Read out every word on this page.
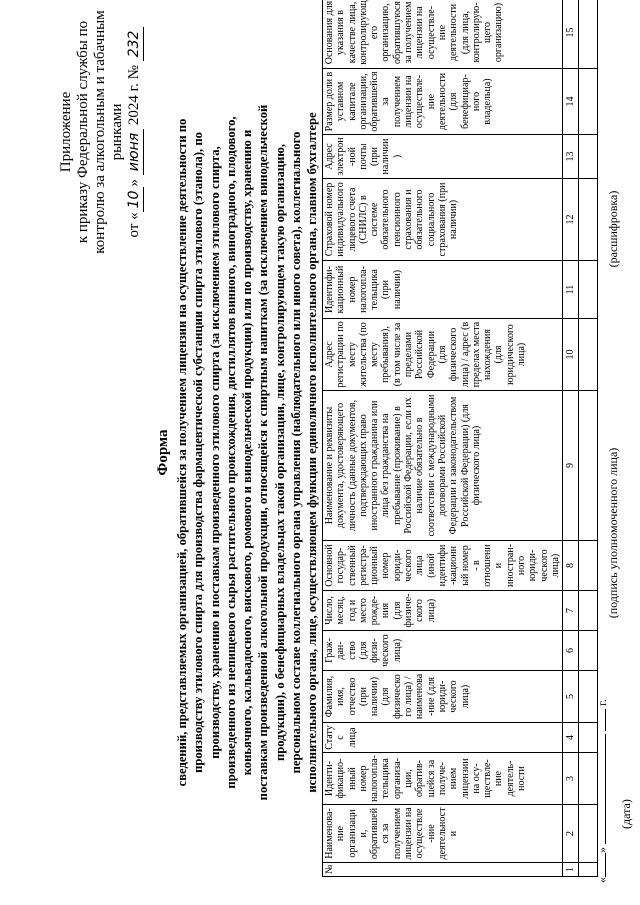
Приложение к приказу Федеральной службы по контролю за алкогольным и табачным рынками
от «10» июня 2024 г. № 232
Форма сведений, представляемых организацией, обратившейся за получением лицензии на осуществление деятельности по производству этилового спирта для производства фармацевтической субстанции спирта этилового (этанола), по производству, хранению и поставкам произведенного этилового спирта (за исключением этилового спирта, произведенного из непищевого сырья растительного происхождения, дистиллятов винного, виноградного, плодового, коньячного, кальвадосного, вискового, ромового и винодельческой продукции) или по производству, хранению и поставкам произведенной алкогольной продукции, относящейся к спиртным напиткам (за исключением винодельческой продукции), о бенефициарных владельцах такой организации, лице, контролирующем такую организацию, персональном составе коллегиального органа управления (наблюдательного или иного совета), коллегиального исполнительного органа, лице, осуществляющем функции единоличного исполнительного органа, главном бухгалтере
№	Наименова-ние организации, обратившейся за получением лицензии на осуществле-ние деятельности	Иденти-фикацио-нный номер налогопла-тельщика организа-ции, обратив-шейся за получе-нием лицензии на осу-ществле-ние деятель-ности	Статус лица	Фамилия, имя, отчество (при наличии) (для физического лица) / наименова-ние (для юриди-ческого лица)	Граж-дан-ство (для физи-ческого лица)	Число, месяц, год и место рожде-ния (для физиче-ского лица)	Основной государ-ственный регистра-ционный номер юриди-ческого лица (иной идентифи-кационный номер - в отношении иностран-ного юриди-ческого лица)	Наименование и реквизиты документа, удостоверяющего личность (данные документов, подтверждающих право иностранного гражданина или лица без гражданства на пребывание (проживание) в Российской Федерации, если их наличие обязательно в соответствии с международными договорами Российской Федерации и законодательством Российской Федерации) (для физического лица)	Адрес регистрации по месту жительства (по месту пребывания), (в том числе за пределами Российской Федерации (для физического лица) / адрес (в пределах места нахождения (для юридического лица)	Идентифи-кационный номер налогопла-тельщика (при наличии)	Страховой номер индивидуального лицевого счета (СНИЛС) в системе обязательного пенсионного страхования и обязательного социального страхования (при наличии)	Адрес электрон-ной почты (при наличии)	Размер доли в уставном капитале организации, обратившейся за получением лицензии на осуществле-ние деятельности (для бенефициар-ного владельца)	Основания для указания в качестве лица, контролирующего организацию, обратившуюся за получением лицензии на осуществле-ние деятельности (для лица, контролирую-щего организацию)
1	2	3	4	5	6	7	8	9	10	11	12	13	14	15

«»   г.
(дата)
(подпись уполномоченного лица)
(расшифровка)
